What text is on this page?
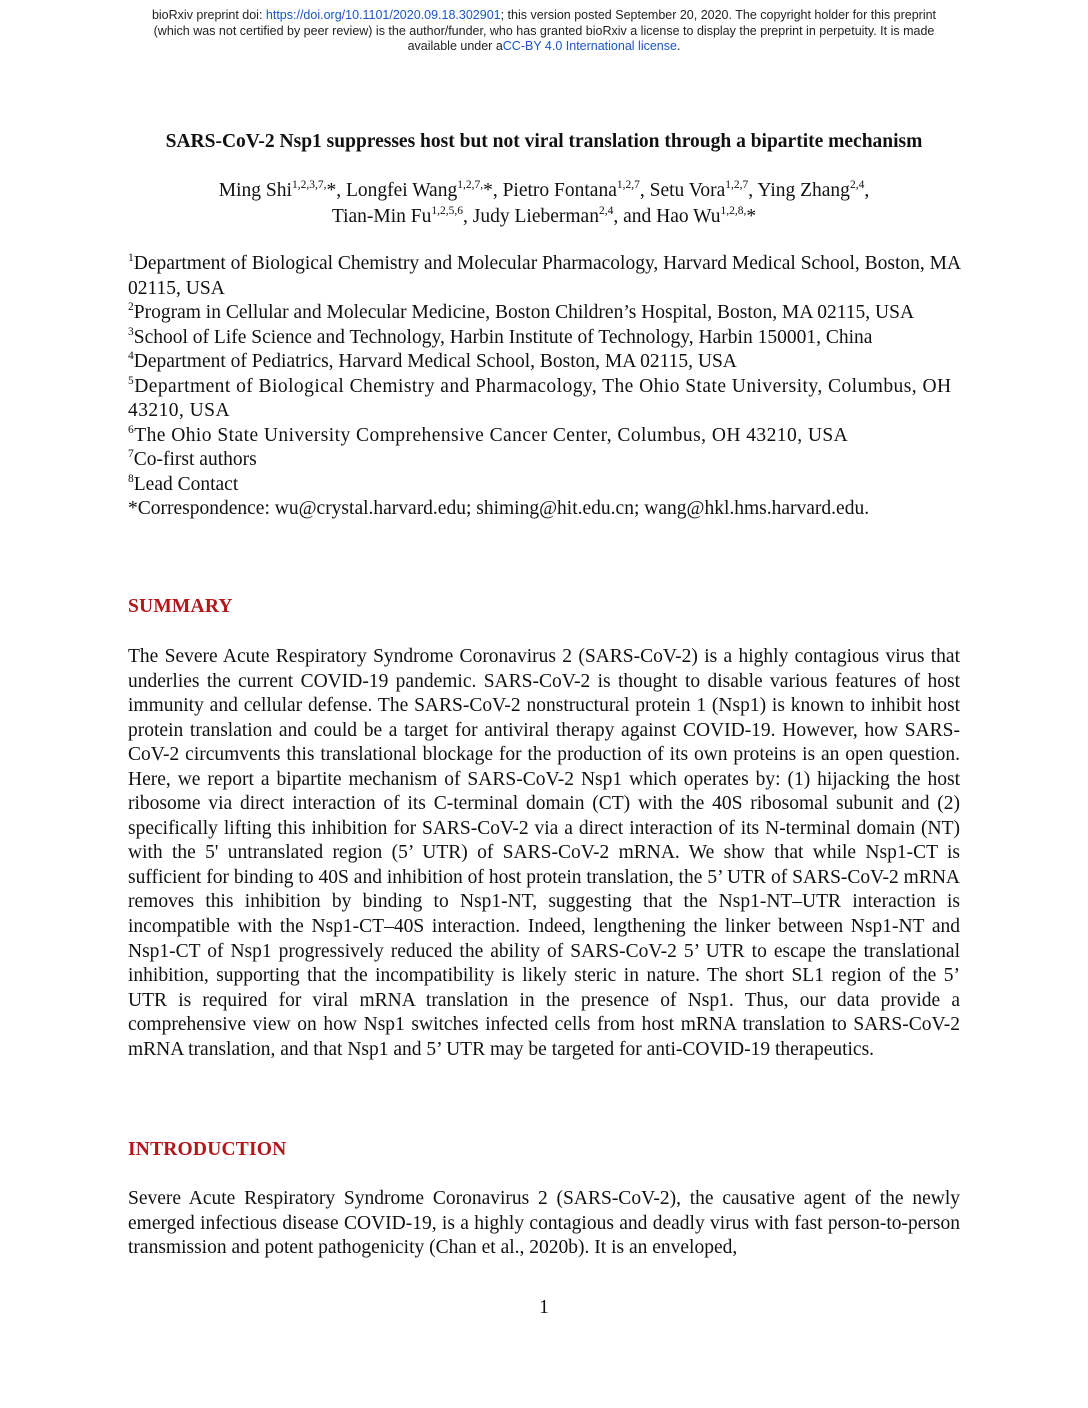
bioRxiv preprint doi: https://doi.org/10.1101/2020.09.18.302901; this version posted September 20, 2020. The copyright holder for this preprint
(which was not certified by peer review) is the author/funder, who has granted bioRxiv a license to display the preprint in perpetuity. It is made
available under aCC-BY 4.0 International license.
SARS-CoV-2 Nsp1 suppresses host but not viral translation through a bipartite mechanism
Ming Shi$^{1,2,3,7,}$*, Longfei Wang$^{1,2,7,}$*, Pietro Fontana$^{1,2,7}$, Setu Vora$^{1,2,7}$, Ying Zhang$^{2,4}$,
Tian-Min Fu$^{1,2,5,6}$, Judy Lieberman$^{2,4}$, and Hao $Wu^{1,2,8,}*$

$^1$Department of Biological Chemistry and Molecular Pharmacology, Harvard Medical School, Boston, MA 02115, USA

$^2$Program in Cellular and Molecular Medicine, Boston Children’s Hospital, Boston, MA 02115, USA

$^3$School of Life Science and Technology, Harbin Institute of Technology, Harbin 150001, China

$^4$Department of Pediatrics, Harvard Medical School, Boston, MA 02115, USA

$^5$Department of Biological Chemistry and Pharmacology, The Ohio State University, Columbus, OH 43210, USA

$^6$The Ohio State University Comprehensive Cancer Center, Columbus, OH 43210, USA

$^7$Co-first authors

$^8$Lead Contact

*Correspondence: wu@crystal.harvard.edu; shiming@hit.edu.cn; wang@hkl.hms.harvard.edu.

SUMMARY
The Severe Acute Respiratory Syndrome Coronavirus 2 (SARS-CoV-2) is a highly contagious virus that underlies the current COVID-19 pandemic. SARS-CoV-2 is thought to disable various features of host immunity and cellular defense. The SARS-CoV-2 nonstructural protein 1 (Nsp1) is known to inhibit host protein translation and could be a target for antiviral therapy against COVID-19. However, how SARS-CoV-2 circumvents this translational blockage for the production of its own proteins is an open question. Here, we report a bipartite mechanism of SARS-CoV-2 Nsp1 which operates by: (1) hijacking the host ribosome via direct interaction of its C-terminal domain (CT) with the 40S ribosomal subunit and (2) specifically lifting this inhibition for SARS-CoV-2 via a direct interaction of its N-terminal domain (NT) with the 5' untranslated region (5’ UTR) of SARS-CoV-2 mRNA. We show that while Nsp1-CT is sufficient for binding to 40S and inhibition of host protein translation, the 5’ UTR of SARS-CoV-2 mRNA removes this inhibition by binding to Nsp1-NT, suggesting that the Nsp1-NT–UTR interaction is incompatible with the Nsp1-CT–40S interaction. Indeed, lengthening the linker between Nsp1-NT and Nsp1-CT of Nsp1 progressively reduced the ability of SARS-CoV-2 5’ UTR to escape the translational inhibition, supporting that the incompatibility is likely steric in nature. The short SL1 region of the 5’ UTR is required for viral mRNA translation in the presence of Nsp1. Thus, our data provide a comprehensive view on how Nsp1 switches infected cells from host mRNA translation to SARS-CoV-2 mRNA translation, and that Nsp1 and 5’ UTR may be targeted for anti-COVID-19 therapeutics.
INTRODUCTION
Severe Acute Respiratory Syndrome Coronavirus 2 (SARS-CoV-2), the causative agent of the newly emerged infectious disease COVID-19, is a highly contagious and deadly virus with fast person-to-person transmission and potent pathogenicity (Chan et al., 2020b). It is an enveloped,
1
